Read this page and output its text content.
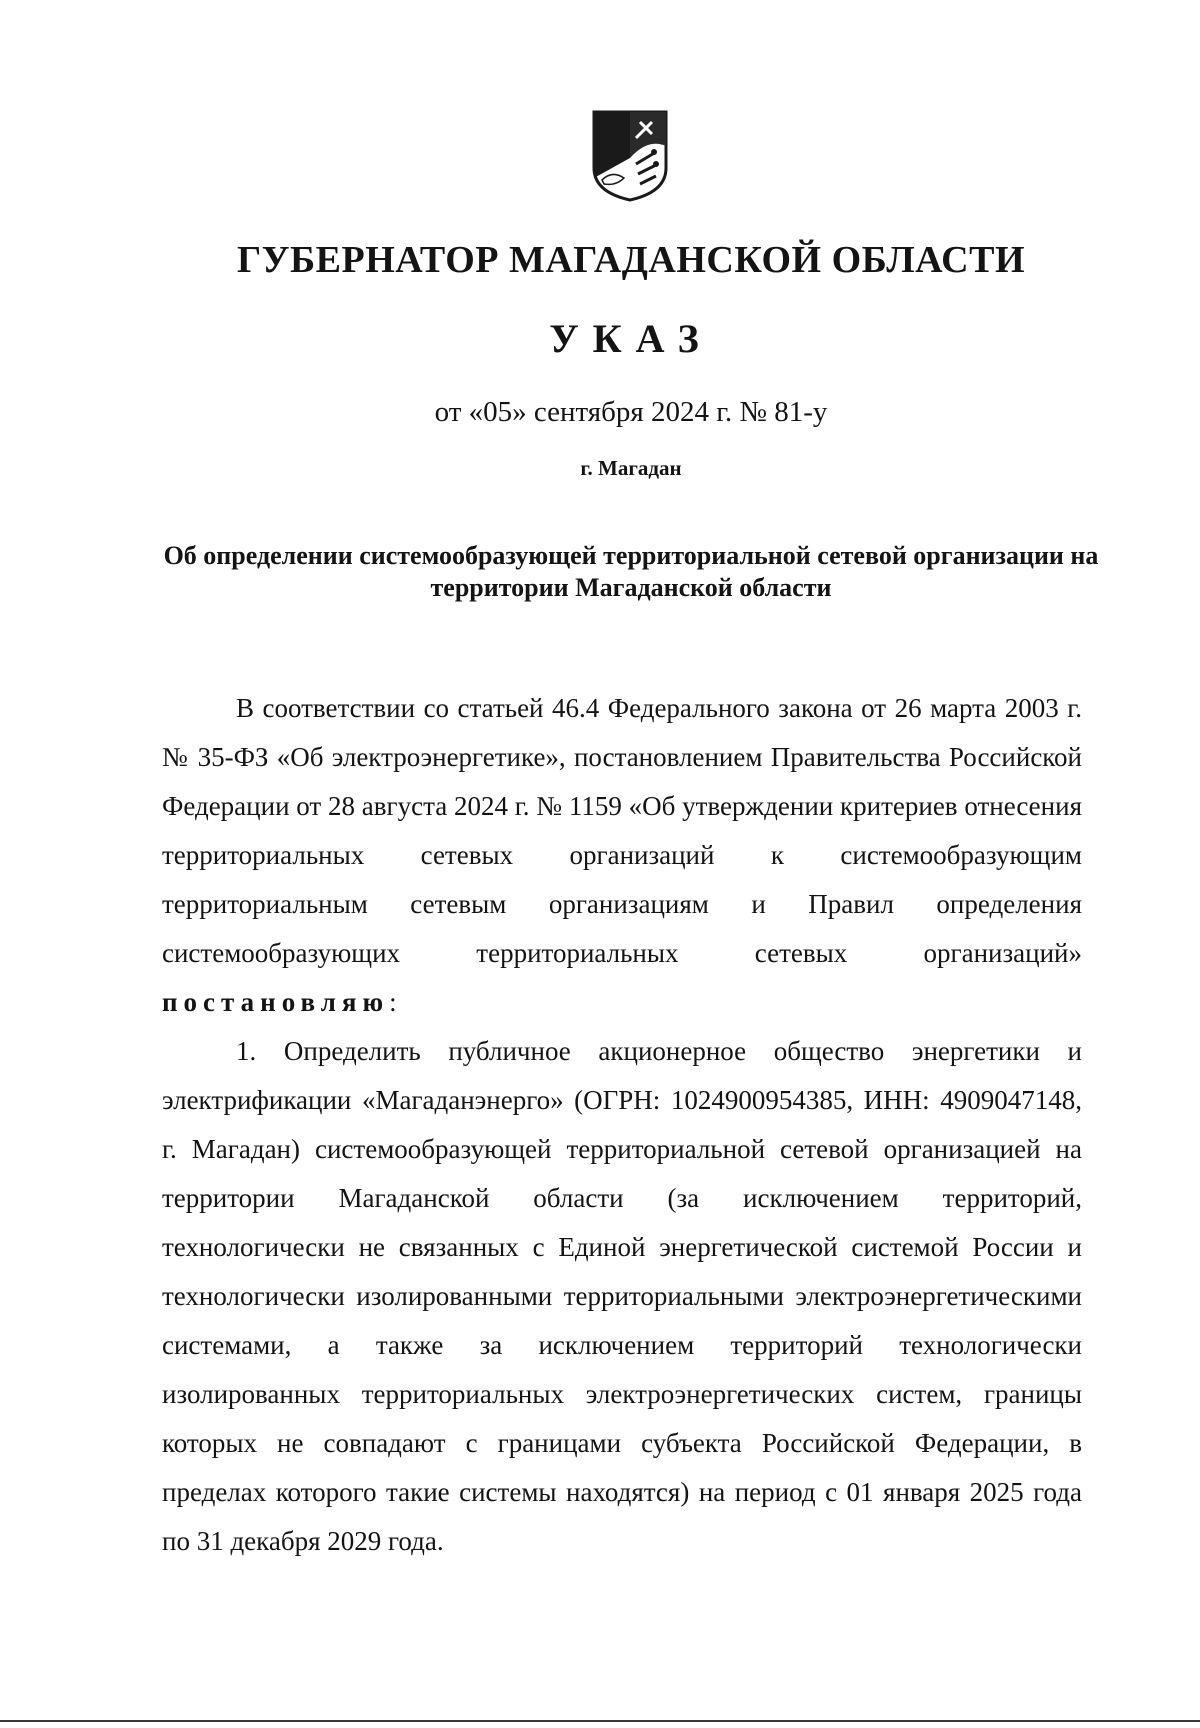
ГУБЕРНАТОР МАГАДАНСКОЙ ОБЛАСТИ
УКАЗ

от «05» сентября 2024 г. № 81-у

г. Магадан

Об определении системообразующей территориальной сетевой организации на территории Магаданской области

В соответствии со статьей 46.4 Федерального закона от 26 марта 2003 г. № 35-ФЗ «Об электроэнергетике», постановлением Правительства Российской Федерации от 28 августа 2024 г. № 1159 «Об утверждении критериев отнесения территориальных сетевых организаций к системообразующим территориальным сетевым организациям и Правил определения системообразующих территориальных сетевых организаций» постановляю:

1. Определить публичное акционерное общество энергетики и электрификации «Магаданэнерго» (ОГРН: 1024900954385, ИНН: 4909047148, г. Магадан) системообразующей территориальной сетевой организацией на территории Магаданской области (за исключением территорий, технологически не связанных с Единой энергетической системой России и технологически изолированными территориальными электроэнергетическими системами, а также за исключением территорий технологически изолированных территориальных электроэнергетических систем, границы которых не совпадают с границами субъекта Российской Федерации, в пределах которого такие системы находятся) на период с 01 января 2025 года по 31 декабря 2029 года.
